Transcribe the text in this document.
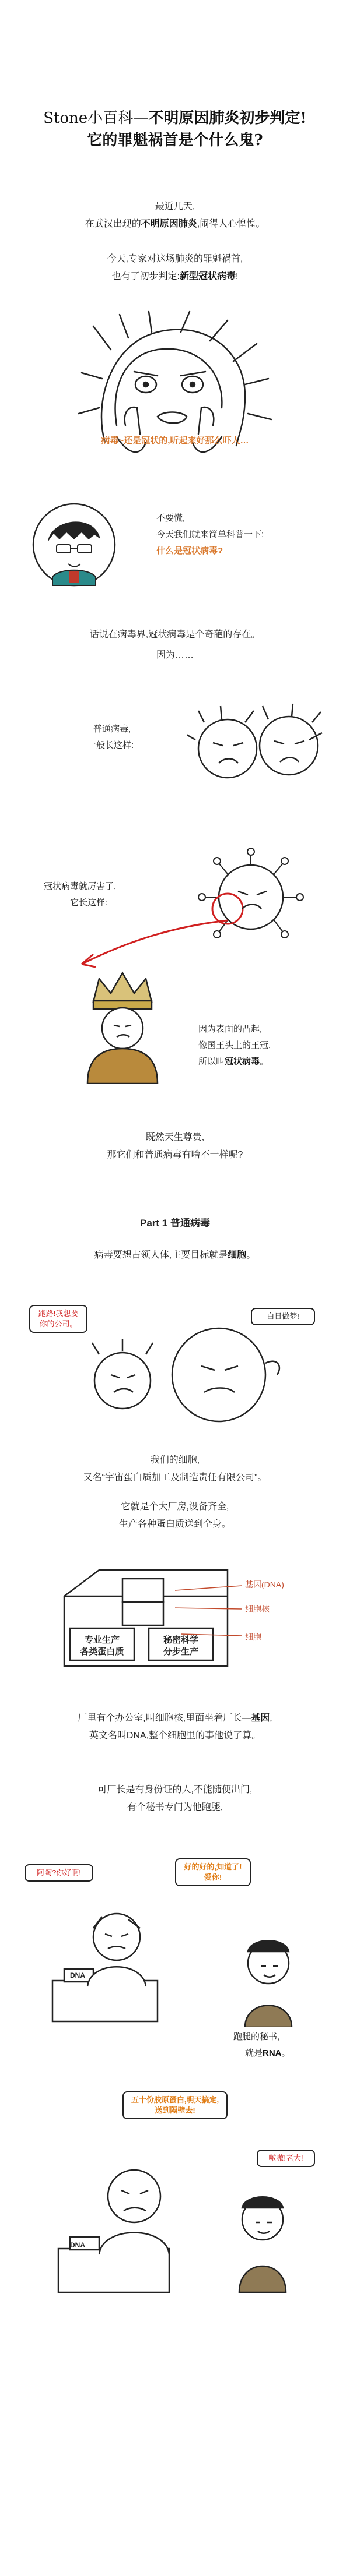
Stone小百科—不明原因肺炎初步判定!
它的罪魁祸首是个什么鬼?
最近几天,
在武汉出现的不明原因肺炎,闹得人心惶惶。
今天,专家对这场肺炎的罪魁祸首,
也有了初步判定:新型冠状病毒!
病毒~还是冠状的,听起来好那么吓人…
不要慌,
今天我们就来简单科普一下:
什么是冠状病毒?
话说在病毒界,冠状病毒是个奇葩的存在。
因为……
普通病毒,
一般长这样:
冠状病毒就厉害了,
它长这样:
因为表面的凸起,
像国王头上的王冠,
所以叫冠状病毒。
既然天生尊贵,
那它们和普通病毒有啥不一样呢?
Part 1 普通病毒
病毒要想占领人体,主要目标就是细胞。
跑路!我想要你的公司。
白日做梦!
我们的细胞,
又名“宇宙蛋白质加工及制造责任有限公司”。
它就是个大厂房,设备齐全,
生产各种蛋白质送到全身。
专业生产
各类蛋白质
秘密科学
分步生产
基因(DNA)
细胞核
细胞
厂里有个办公室,叫细胞核,里面坐着厂长—基因,
英文名叫DNA,整个细胞里的事他说了算。
可厂长是有身份证的人,不能随便出门,
有个秘书专门为他跑腿,
阿陶?你好啊!
好的好的,知道了!爱你!
DNA
跑腿的秘书,
就是RNA。
五十份胶原蛋白,明天搞定,送到隔壁去!
嗷嗷!老大!
DNA
